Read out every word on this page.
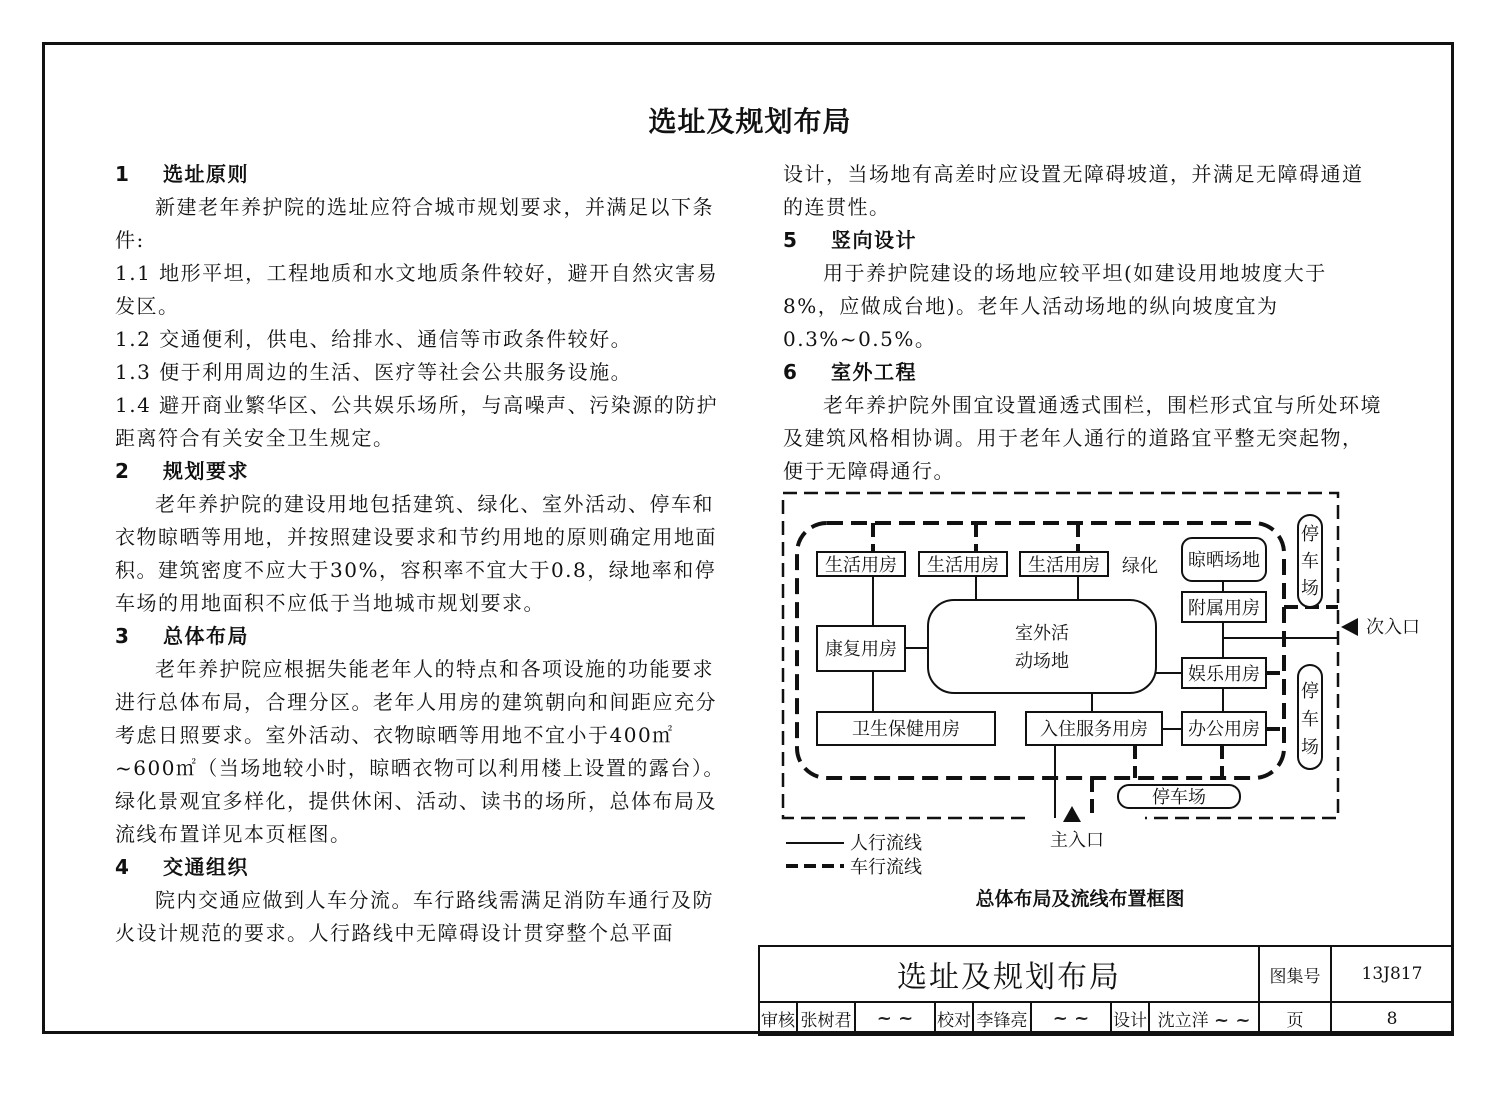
选址及规划布局
1 选址原则

新建老年养护院的选址应符合城市规划要求，并满足以下条件:

1.1 地形平坦，工程地质和水文地质条件较好，避开自然灾害易发区。

1.2 交通便利，供电、给排水、通信等市政条件较好。

1.3 便于利用周边的生活、医疗等社会公共服务设施。

1.4 避开商业繁华区、公共娱乐场所，与高噪声、污染源的防护距离符合有关安全卫生规定。

2 规划要求

老年养护院的建设用地包括建筑、绿化、室外活动、停车和衣物晾晒等用地，并按照建设要求和节约用地的原则确定用地面积。建筑密度不应大于30%，容积率不宜大于0.8，绿地率和停车场的用地面积不应低于当地城市规划要求。

3 总体布局

老年养护院应根据失能老年人的特点和各项设施的功能要求进行总体布局，合理分区。老年人用房的建筑朝向和间距应充分考虑日照要求。室外活动、衣物晾晒等用地不宜小于400㎡~600㎡（当场地较小时，晾晒衣物可以利用楼上设置的露台）。绿化景观宜多样化，提供休闲、活动、读书的场所，总体布局及流线布置详见本页框图。

4 交通组织

院内交通应做到人车分流。车行路线需满足消防车通行及防火设计规范的要求。人行路线中无障碍设计贯穿整个总平面

设计，当场地有高差时应设置无障碍坡道，并满足无障碍通道的连贯性。

5 竖向设计

用于养护院建设的场地应较平坦(如建设用地坡度大于8%，应做成台地)。老年人活动场地的纵向坡度宜为0.3%~0.5%。

6 室外工程

老年养护院外围宜设置通透式围栏，围栏形式宜与所处环境及建筑风格相协调。用于老年人通行的道路宜平整无突起物，便于无障碍通行。

生活用房 生活用房 生活用房 绿化 晾晒场地
附属用房
康复用房
室外活
动场地
娱乐用房
卫生保健用房	入住服务用房 办公用房
停
车
场
停
车
场
停车场
次入口
主入口
人行流线
车行流线
总体布局及流线布置框图
选址及规划布局								图集号	13J817
审核	张树君	~ ~	校对	李锋亮	~ ~	设计	沈立洋 ~ ~	页	8
